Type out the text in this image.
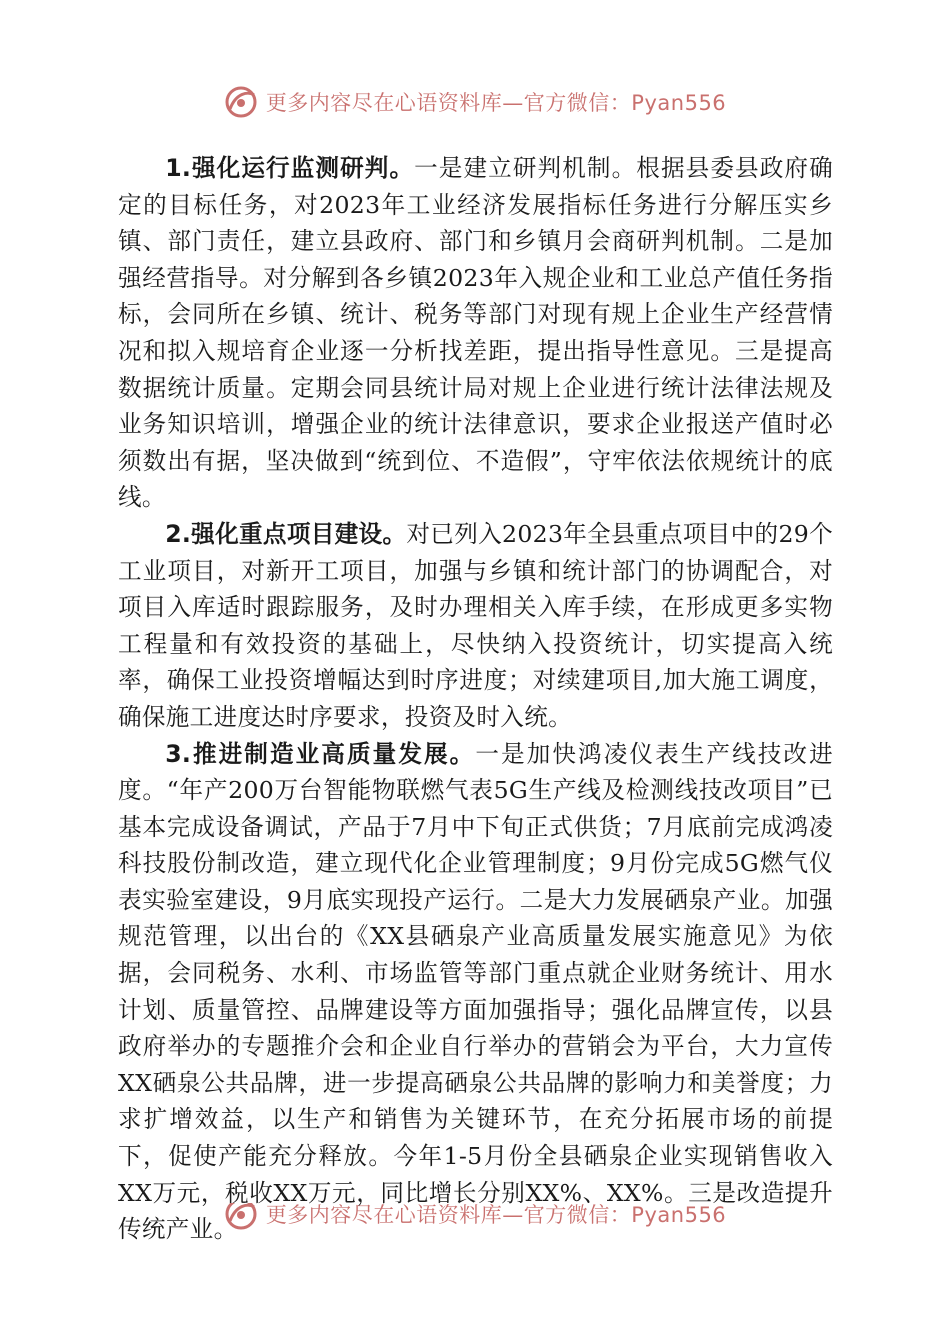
更多内容尽在心语资料库—官方微信：Pyan556

1.强化运行监测研判。一是建立研判机制。根据县委县政府确定的目标任务，对2023年工业经济发展指标任务进行分解压实乡镇、部门责任，建立县政府、部门和乡镇月会商研判机制。二是加强经营指导。对分解到各乡镇2023年入规企业和工业总产值任务指标，会同所在乡镇、统计、税务等部门对现有规上企业生产经营情况和拟入规培育企业逐一分析找差距，提出指导性意见。三是提高数据统计质量。定期会同县统计局对规上企业进行统计法律法规及业务知识培训，增强企业的统计法律意识，要求企业报送产值时必须数出有据，坚决做到“统到位、不造假”，守牢依法依规统计的底线。

2.强化重点项目建设。对已列入2023年全县重点项目中的29个工业项目，对新开工项目，加强与乡镇和统计部门的协调配合，对项目入库适时跟踪服务，及时办理相关入库手续，在形成更多实物工程量和有效投资的基础上，尽快纳入投资统计，切实提高入统率，确保工业投资增幅达到时序进度；对续建项目,加大施工调度，确保施工进度达时序要求，投资及时入统。

3.推进制造业高质量发展。一是加快鸿凌仪表生产线技改进度。“年产200万台智能物联燃气表5G生产线及检测线技改项目”已基本完成设备调试，产品于7月中下旬正式供货；7月底前完成鸿凌科技股份制改造，建立现代化企业管理制度；9月份完成5G燃气仪表实验室建设，9月底实现投产运行。二是大力发展硒泉产业。加强规范管理，以出台的《XX县硒泉产业高质量发展实施意见》为依据，会同税务、水利、市场监管等部门重点就企业财务统计、用水计划、质量管控、品牌建设等方面加强指导；强化品牌宣传，以县政府举办的专题推介会和企业自行举办的营销会为平台，大力宣传XX硒泉公共品牌，进一步提高硒泉公共品牌的影响力和美誉度；力求扩增效益，以生产和销售为关键环节，在充分拓展市场的前提下，促使产能充分释放。今年1-5月份全县硒泉企业实现销售收入XX万元，税收XX万元，同比增长分别XX%、XX%。三是改造提升传统产业。

更多内容尽在心语资料库—官方微信：Pyan556
